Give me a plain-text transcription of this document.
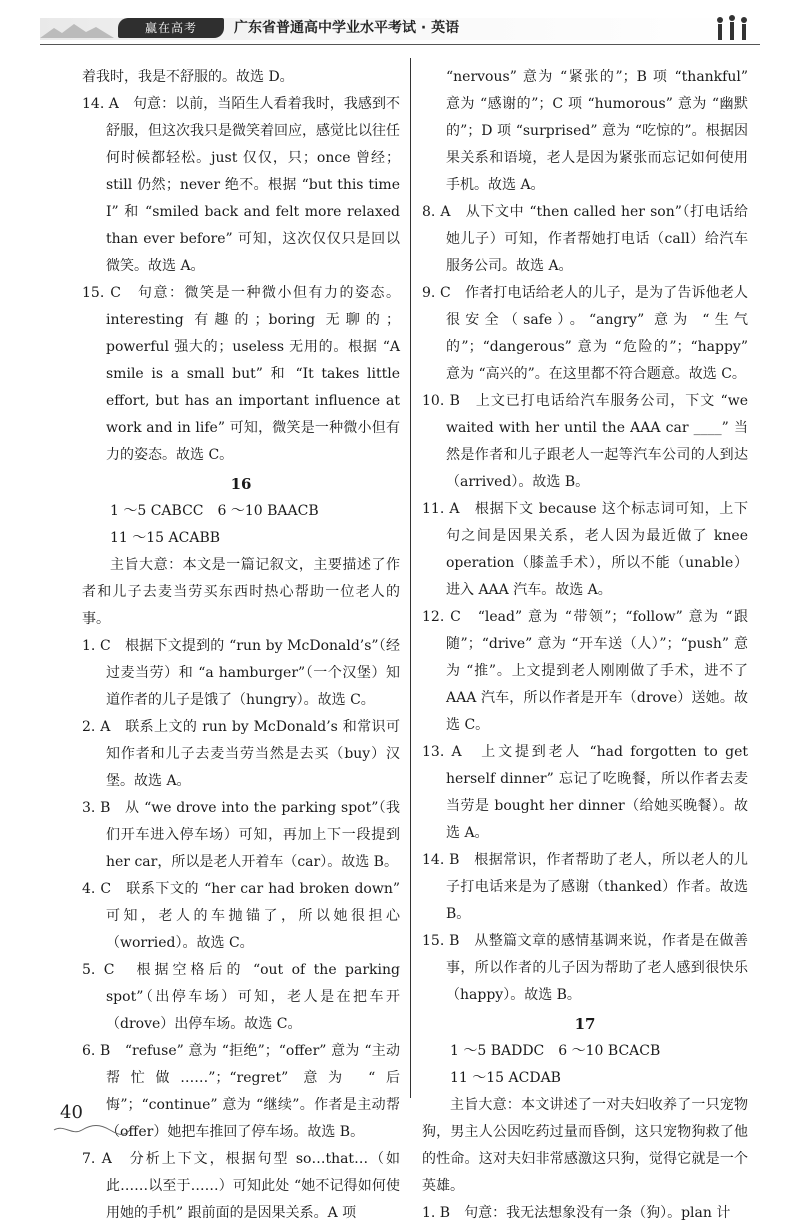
赢在高考	广东省普通高中学业水平考试 · 英语

着我时，我是不舒服的。故选 D。

14. A　句意：以前，当陌生人看着我时，我感到不舒服，但这次我只是微笑着回应，感觉比以往任何时候都轻松。just 仅仅，只；once 曾经；still 仍然；never 绝不。根据 “but this time I” 和 “smiled back and felt more relaxed than ever before” 可知，这次仅仅只是回以微笑。故选 A。

15. C　句意：微笑是一种微小但有力的姿态。interesting 有趣的；boring 无聊的；powerful 强大的；useless 无用的。根据 “A smile is a small but” 和 “It takes little effort, but has an important influence at work and in life” 可知，微笑是一种微小但有力的姿态。故选 C。

16

1 ～5 CABCC　6 ～10 BAACB

11 ～15 ACABB

主旨大意：本文是一篇记叙文，主要描述了作者和儿子去麦当劳买东西时热心帮助一位老人的事。

1. C　根据下文提到的 “run by McDonald’s”（经过麦当劳）和 “a hamburger”（一个汉堡）知道作者的儿子是饿了（hungry）。故选 C。

2. A　联系上文的 run by McDonald’s 和常识可知作者和儿子去麦当劳当然是去买（buy）汉堡。故选 A。

3. B　从 “we drove into the parking spot”（我们开车进入停车场）可知，再加上下一段提到 her car，所以是老人开着车（car）。故选 B。

4. C　联系下文的 “her car had broken down” 可知，老人的车抛锚了，所以她很担心（worried）。故选 C。

5. C　根据空格后的 “out of the parking spot”（出停车场）可知，老人是在把车开（drove）出停车场。故选 C。

6. B　“refuse” 意为 “拒绝”；“offer” 意为 “主动帮忙做……”；“regret” 意为 “后悔”；“continue” 意为 “继续”。作者是主动帮（offer）她把车推回了停车场。故选 B。

7. A　分析上下文，根据句型 so…that…（如此……以至于……）可知此处 “她不记得如何使用她的手机” 跟前面的是因果关系。A 项

“nervous” 意为 “紧张的”；B 项 “thankful” 意为 “感谢的”；C 项 “humorous” 意为 “幽默的”；D 项 “surprised” 意为 “吃惊的”。根据因果关系和语境，老人是因为紧张而忘记如何使用手机。故选 A。

8. A　从下文中 “then called her son”（打电话给她儿子）可知，作者帮她打电话（call）给汽车服务公司。故选 A。

9. C　作者打电话给老人的儿子，是为了告诉他老人很安全（safe）。“angry” 意为 “生气的”；“dangerous” 意为 “危险的”；“happy” 意为 “高兴的”。在这里都不符合题意。故选 C。

10. B　上文已打电话给汽车服务公司，下文 “we waited with her until the AAA car ____” 当然是作者和儿子跟老人一起等汽车公司的人到达（arrived）。故选 B。

11. A　根据下文 because 这个标志词可知，上下句之间是因果关系，老人因为最近做了 knee operation（膝盖手术），所以不能（unable）进入 AAA 汽车。故选 A。

12. C　“lead” 意为 “带领”；“follow” 意为 “跟随”；“drive” 意为 “开车送（人）”；“push” 意为 “推”。上文提到老人刚刚做了手术，进不了 AAA 汽车，所以作者是开车（drove）送她。故选 C。

13. A　上文提到老人 “had forgotten to get herself dinner” 忘记了吃晚餐，所以作者去麦当劳是 bought her dinner（给她买晚餐）。故选 A。

14. B　根据常识，作者帮助了老人，所以老人的儿子打电话来是为了感谢（thanked）作者。故选 B。

15. B　从整篇文章的感情基调来说，作者是在做善事，所以作者的儿子因为帮助了老人感到很快乐（happy）。故选 B。

17

1 ～5 BADDC　6 ～10 BCACB

11 ～15 ACDAB

主旨大意：本文讲述了一对夫妇收养了一只宠物狗，男主人公因吃药过量而昏倒，这只宠物狗救了他的性命。这对夫妇非常感激这只狗，觉得它就是一个英雄。

1. B　句意：我无法想象没有一条（狗）。plan 计

40
